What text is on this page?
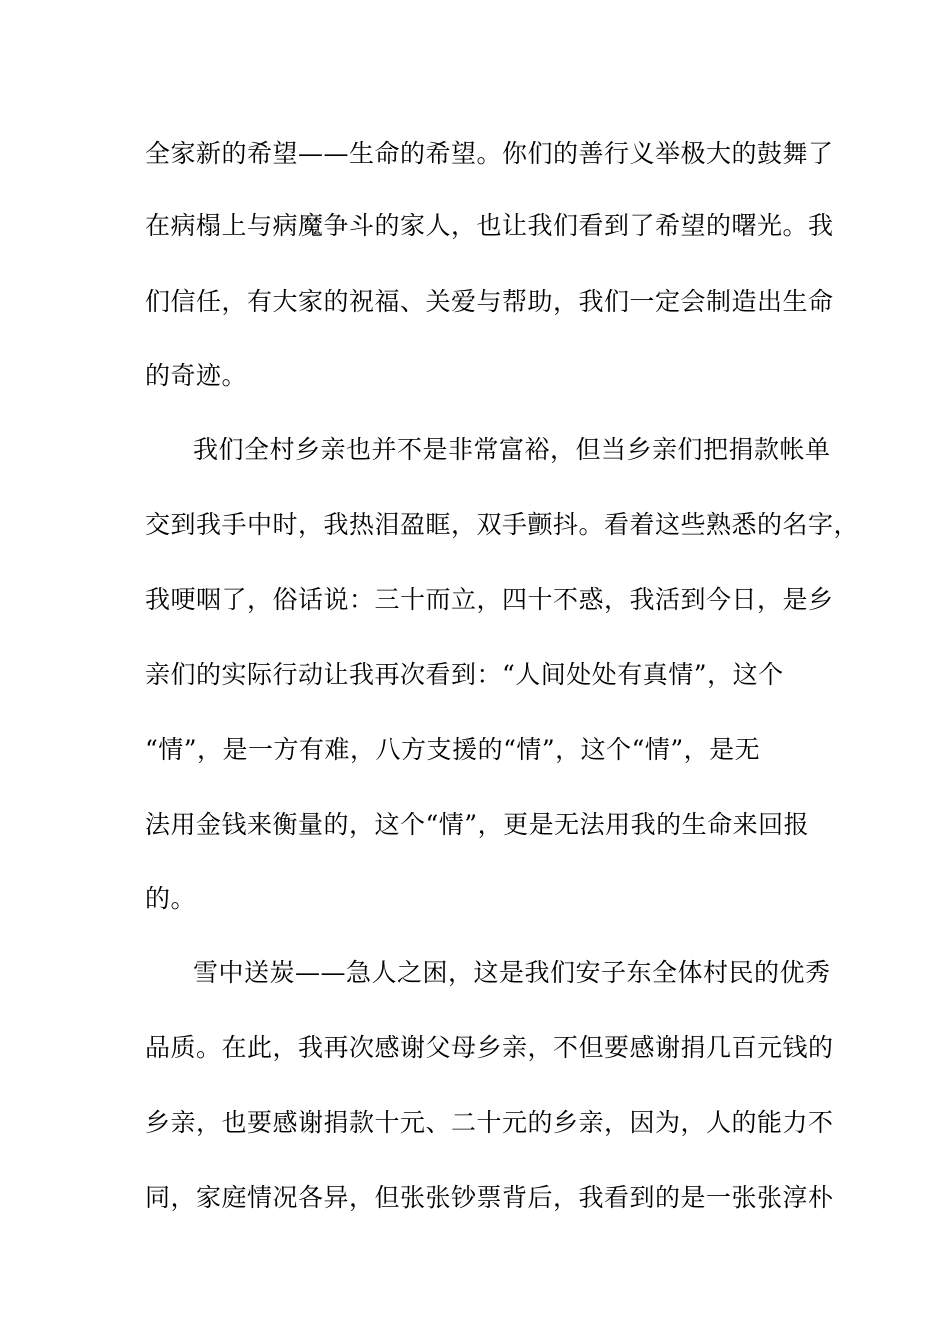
全家新的希望——生命的希望。你们的善行义举极大的鼓舞了
在病榻上与病魔争斗的家人，也让我们看到了希望的曙光。我
们信任，有大家的祝福、关爱与帮助，我们一定会制造出生命
的奇迹。
我们全村乡亲也并不是非常富裕，但当乡亲们把捐款帐单
交到我手中时，我热泪盈眶，双手颤抖。看着这些熟悉的名字，
我哽咽了，俗话说：三十而立，四十不惑，我活到今日，是乡
亲们的实际行动让我再次看到：“人间处处有真情”，这个
“情”，是一方有难，八方支援的“情”，这个“情”，是无
法用金钱来衡量的，这个“情”，更是无法用我的生命来回报
的。
雪中送炭——急人之困，这是我们安子东全体村民的优秀
品质。在此，我再次感谢父母乡亲，不但要感谢捐几百元钱的
乡亲，也要感谢捐款十元、二十元的乡亲，因为，人的能力不
同，家庭情况各异，但张张钞票背后，我看到的是一张张淳朴
